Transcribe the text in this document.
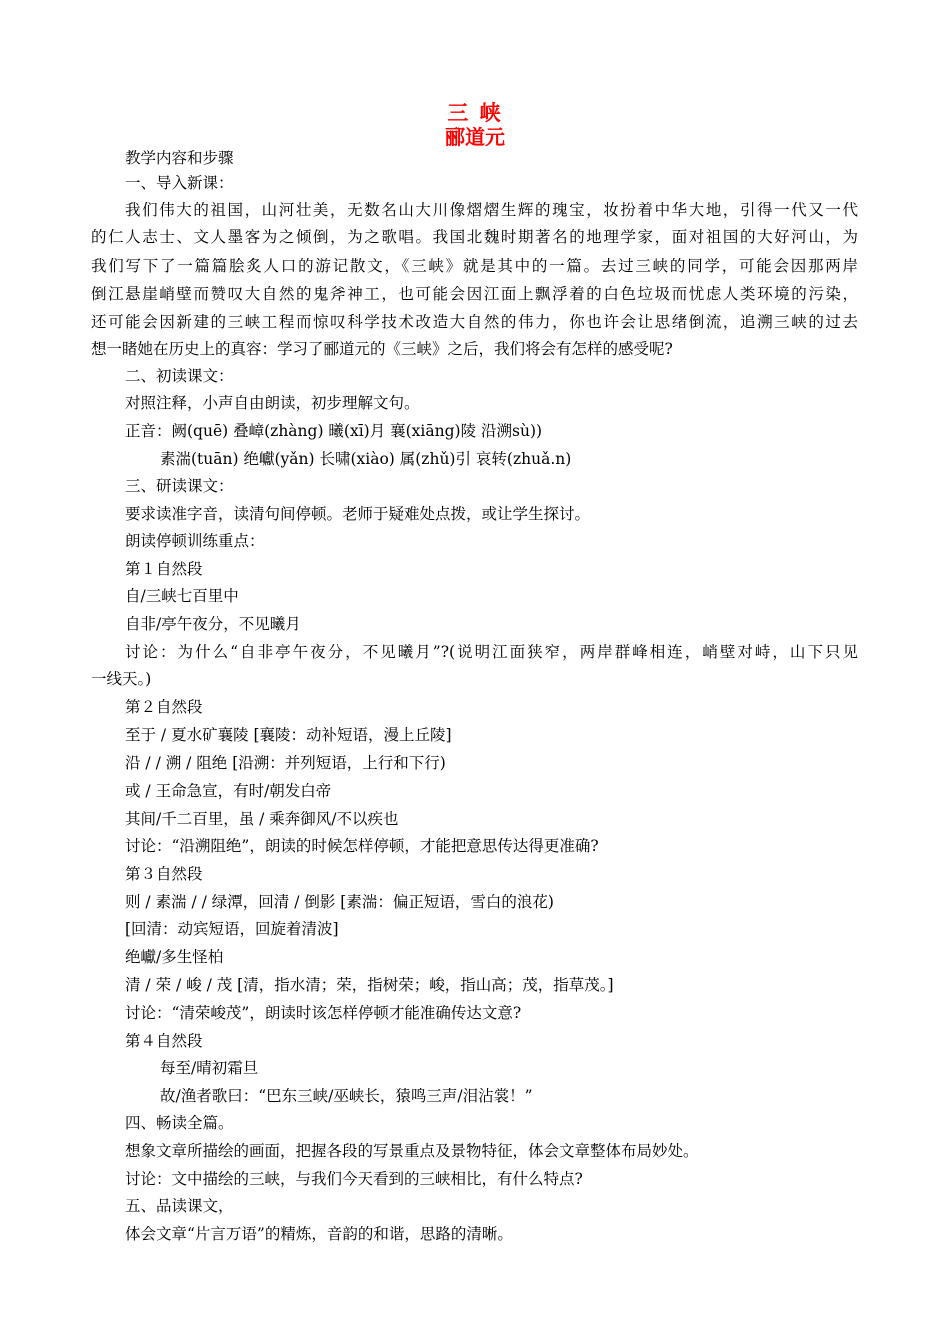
三 峡
郦道元
教学内容和步骤
一、导入新课：
我们伟大的祖国，山河壮美，无数名山大川像熠熠生辉的瑰宝，妆扮着中华大地，引得一代又一代
的仁人志士、文人墨客为之倾倒，为之歌唱。我国北魏时期著名的地理学家，面对祖国的大好河山，为
我们写下了一篇篇脍炙人口的游记散文，《三峡》就是其中的一篇。去过三峡的同学，可能会因那两岸
倒江悬崖峭壁而赞叹大自然的鬼斧神工，也可能会因江面上飘浮着的白色垃圾而忧虑人类环境的污染，
还可能会因新建的三峡工程而惊叹科学技术改造大自然的伟力，你也许会让思绪倒流，追溯三峡的过去
想一睹她在历史上的真容：学习了郦道元的《三峡》之后，我们将会有怎样的感受呢?
二、初读课文：
对照注释，小声自由朗读，初步理解文句。
正音：阙(quē) 叠嶂(zhàng) 曦(xī)月 襄(xiāng)陵 沿溯sù))
素湍(tuān) 绝巘(yǎn) 长啸(xiào) 属(zhǔ)引 哀转(zhuǎ.n)
三、研读课文：
要求读准字音，读清句间停顿。老师于疑难处点拨，或让学生探讨。
朗读停顿训练重点：
第１自然段
自/三峡七百里中
自非/亭午夜分，不见曦月
讨论：为什么“自非亭午夜分，不见曦月”?(说明江面狭窄，两岸群峰相连，峭壁对峙，山下只见
一线天。)
第２自然段
至于 / 夏水矿襄陵 [襄陵：动补短语，漫上丘陵]
沿 / / 溯 / 阻绝 [沿溯：并列短语，上行和下行)
或 / 王命急宣，有时/朝发白帝
其间/千二百里，虽 / 乘奔御风/不以疾也
讨论：“沿溯阻绝”，朗读的时候怎样停顿，才能把意思传达得更准确?
第３自然段
则 / 素湍 / / 绿潭，回清 / 倒影 [素湍：偏正短语，雪白的浪花)
[回清：动宾短语，回旋着清波]
绝巘/多生怪柏
清 / 荣 / 峻 / 茂 [清，指水清；荣，指树荣；峻，指山高；茂，指草茂。]
讨论：“清荣峻茂”，朗读时该怎样停顿才能准确传达文意?
第４自然段
每至/晴初霜旦
故/渔者歌曰：“巴东三峡/巫峡长，猿鸣三声/泪沾裳！”
四、畅读全篇。
想象文章所描绘的画面，把握各段的写景重点及景物特征，体会文章整体布局妙处。
讨论：文中描绘的三峡，与我们今天看到的三峡相比，有什么特点?
五、品读课文，
体会文章“片言万语”的精炼，音韵的和谐，思路的清晰。
